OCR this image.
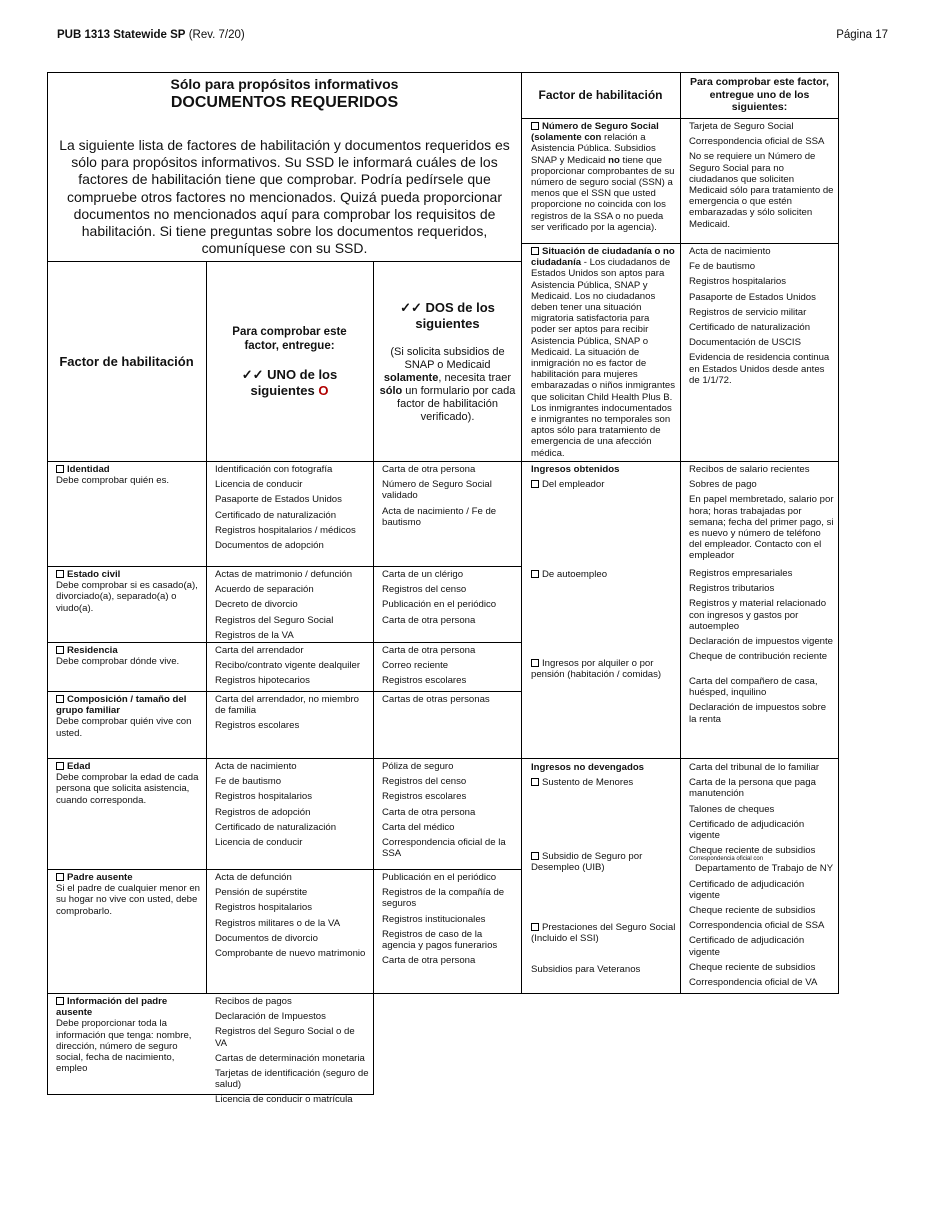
PUB 1313 Statewide SP (Rev. 7/20)	Página 17
Sólo para propósitos informativos
DOCUMENTOS REQUERIDOS
La siguiente lista de factores de habilitación y documentos requeridos es sólo para propósitos informativos. Su SSD le informará cuáles de los factores de habilitación tiene que comprobar. Podría pedírsele que compruebe otros factores no mencionados. Quizá pueda proporcionar documentos no mencionados aquí para comprobar los requisitos de habilitación. Si tiene preguntas sobre los documentos requeridos, comuníquese con su SSD.
Factor de habilitación
Para comprobar este factor, entregue:
✓✓ UNO de los siguientes O
✓✓ DOS de los siguientes
(Si solicita subsidios de SNAP o Medicaid solamente, necesita traer sólo un formulario por cada factor de habilitación verificado).
Identidad
Debe comprobar quién es.
Identificación con fotografía
Licencia de conducir
Pasaporte de Estados Unidos
Certificado de naturalización
Registros hospitalarios / médicos
Documentos de adopción
Carta de otra persona
Número de Seguro Social validado
Acta de nacimiento / Fe de bautismo
Estado civil
Debe comprobar si es casado(a), divorciado(a), separado(a) o viudo(a).
Actas de matrimonio / defunción
Acuerdo de separación
Decreto de divorcio
Registros del Seguro Social
Registros de la VA
Carta de un clérigo
Registros del censo
Publicación en el periódico
Carta de otra persona
Residencia
Debe comprobar dónde vive.
Carta del arrendador
Recibo/contrato vigente dealquiler
Registros hipotecarios
Carta de otra persona
Correo reciente
Registros escolares
Composición / tamaño del grupo familiar
Debe comprobar quién vive con usted.
Carta del arrendador, no miembro de familia
Registros escolares
Cartas de otras personas
Edad
Debe comprobar la edad de cada persona que solicita asistencia, cuando corresponda.
Acta de nacimiento
Fe de bautismo
Registros hospitalarios
Registros de adopción
Certificado de naturalización
Licencia de conducir
Póliza de seguro
Registros del censo
Registros escolares
Carta de otra persona
Carta del médico
Correspondencia oficial de la SSA
Padre ausente
Si el padre de cualquier menor en su hogar no vive con usted, debe comprobarlo.
Acta de defunción
Pensión de supérstite
Registros hospitalarios
Registros militares o de la VA
Documentos de divorcio
Comprobante de nuevo matrimonio
Publicación en el periódico
Registros de la compañía de seguros
Registros institucionales
Registros de caso de la agencia y pagos funerarios
Carta de otra persona
Información del padre ausente
Debe proporcionar toda la información que tenga: nombre, dirección, número de seguro social, fecha de nacimiento, empleo
Recibos de pagos
Declaración de Impuestos
Registros del Seguro Social o de VA
Cartas de determinación monetaria
Tarjetas de identificación (seguro de salud)
Licencia de conducir o matrícula
Factor de habilitación
Para comprobar este factor, entregue uno de los siguientes:
Número de Seguro Social
(solamente con relación a Asistencia Pública. Subsidios SNAP y Medicaid no tiene que proporcionar comprobantes de su número de seguro social (SSN) a menos que el SSN que usted proporcione no coincida con los registros de la SSA o no pueda ser verificado por la agencia).
Tarjeta de Seguro Social
Correspondencia oficial de SSA
No se requiere un Número de Seguro Social para no ciudadanos que soliciten Medicaid sólo para tratamiento de emergencia o que estén embarazadas y sólo soliciten Medicaid.
Situación de ciudadanía o no ciudadanía - Los ciudadanos de Estados Unidos son aptos para Asistencia Pública, SNAP y Medicaid. Los no ciudadanos deben tener una situación migratoria satisfactoria para poder ser aptos para recibir Asistencia Pública, SNAP o Medicaid. La situación de inmigración no es factor de habilitación para mujeres embarazadas o niños inmigrantes que solicitan Child Health Plus B. Los inmigrantes indocumentados e inmigrantes no temporales son aptos sólo para tratamiento de emergencia de una afección médica.
Acta de nacimiento
Fe de bautismo
Registros hospitalarios
Pasaporte de Estados Unidos
Registros de servicio militar
Certificado de naturalización
Documentación de USCIS
Evidencia de residencia continua en Estados Unidos desde antes de 1/1/72.
Ingresos obtenidos
Del empleador
Recibos de salario recientes
Sobres de pago
En papel membretado, salario por hora; horas trabajadas por semana; fecha del primer pago, si es nuevo y número de teléfono del empleador. Contacto con el empleador
De autoempleo	Registros empresariales
Registros tributarios
Registros y material relacionado con ingresos y gastos por autoempleo
Declaración de impuestos vigente
Cheque de contribución reciente
Ingresos por alquiler o por pensión (habitación / comidas)
Carta del compañero de casa, huésped, inquilino
Declaración de impuestos sobre la renta
Ingresos no devengados
Sustento de Menores
Carta del tribunal de lo familiar
Carta de la persona que paga manutención
Talones de cheques
Certificado de adjudicación vigente
Cheque reciente de subsidios
Correspondencia oficial con
Departamento de Trabajo de NY
Certificado de adjudicación vigente
Cheque reciente de subsidios
Correspondencia oficial de SSA
Certificado de adjudicación vigente
Cheque reciente de subsidios
Correspondencia oficial de VA
Subsidio de Seguro por Desempleo (UIB)
Prestaciones del Seguro Social (Incluido el SSI)
Subsidios para Veteranos
